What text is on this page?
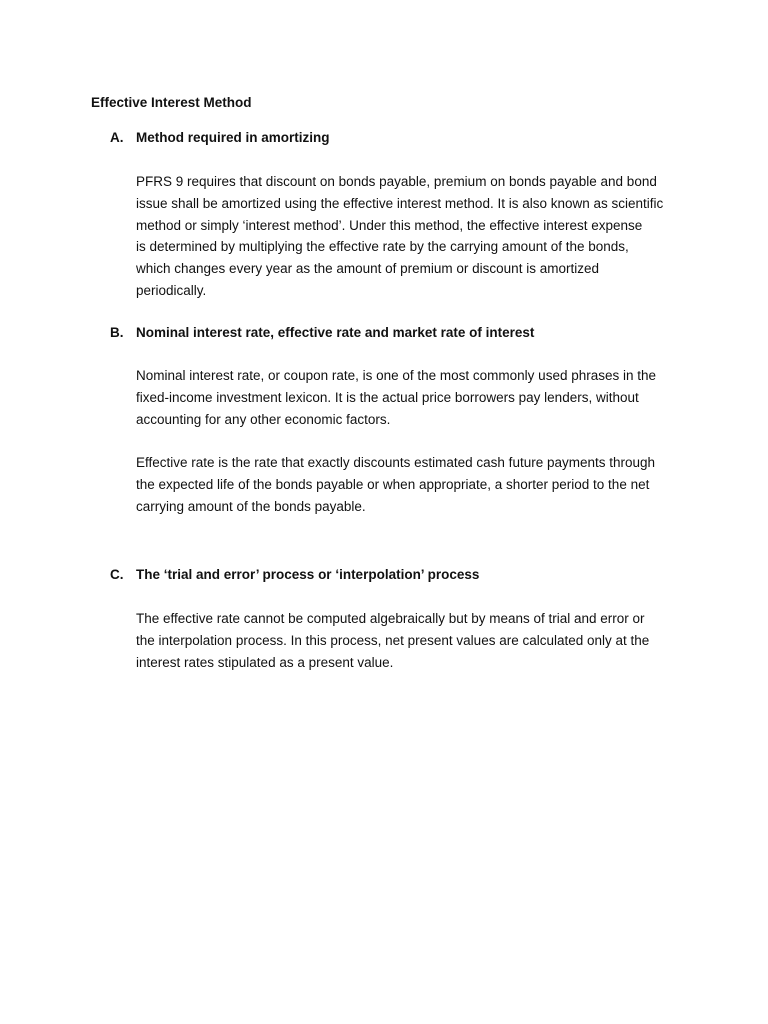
Effective Interest Method
A. Method required in amortizing
PFRS 9 requires that discount on bonds payable, premium on bonds payable and bond
issue shall be amortized using the effective interest method. It is also known as scientific
method or simply ‘interest method’. Under this method, the effective interest expense
is determined by multiplying the effective rate by the carrying amount of the bonds,
which changes every year as the amount of premium or discount is amortized
periodically.
B. Nominal interest rate, effective rate and market rate of interest
Nominal interest rate, or coupon rate, is one of the most commonly used phrases in the
fixed-income investment lexicon. It is the actual price borrowers pay lenders, without
accounting for any other economic factors.
Effective rate is the rate that exactly discounts estimated cash future payments through
the expected life of the bonds payable or when appropriate, a shorter period to the net
carrying amount of the bonds payable.
C. The ‘trial and error’ process or ‘interpolation’ process
The effective rate cannot be computed algebraically but by means of trial and error or
the interpolation process. In this process, net present values are calculated only at the
interest rates stipulated as a present value.
